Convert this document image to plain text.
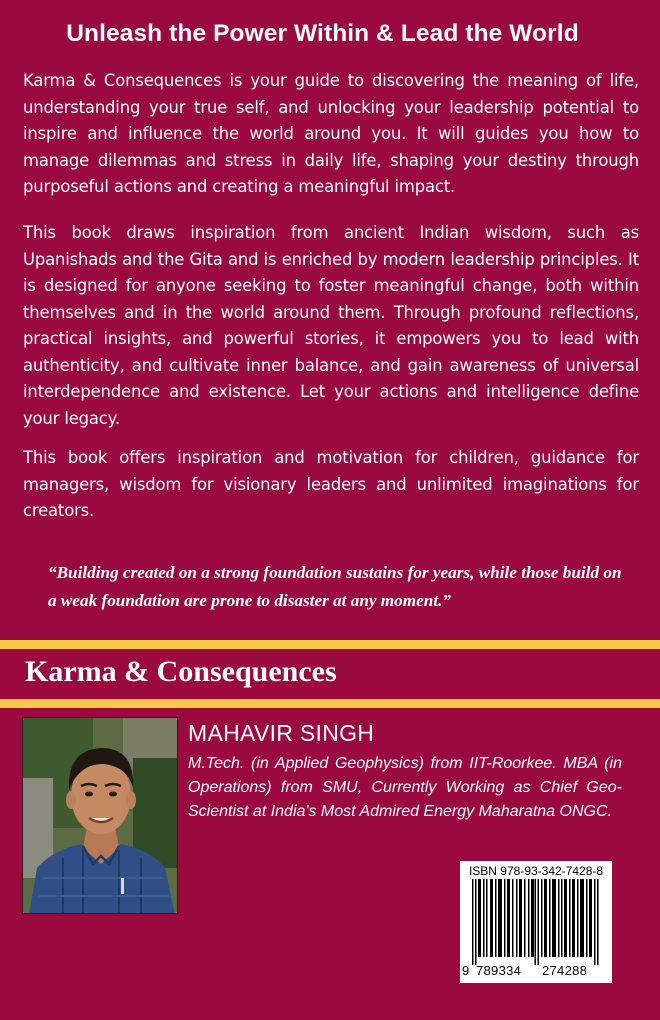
Unleash the Power Within & Lead the World

Karma & Consequences is your guide to discovering the meaning of life, understanding your true self, and unlocking your leadership potential to inspire and influence the world around you. It will guides you how to manage dilemmas and stress in daily life, shaping your destiny through purposeful actions and creating a meaningful impact.

This book draws inspiration from ancient Indian wisdom, such as Upanishads and the Gita and is enriched by modern leadership principles. It is designed for anyone seeking to foster meaningful change, both within themselves and in the world around them. Through profound reflections, practical insights, and powerful stories, it empowers you to lead with authenticity, and cultivate inner balance, and gain awareness of universal interdependence and existence. Let your actions and intelligence define your legacy.

This book offers inspiration and motivation for children, guidance for managers, wisdom for visionary leaders and unlimited imaginations for creators.

“Building created on a strong foundation sustains for years, while those build on a weak foundation are prone to disaster at any moment.”
Karma & Consequences
MAHAVIR SINGH

M.Tech. (in Applied Geophysics) from IIT-Roorkee. MBA (in Operations) from SMU, Currently Working as Chief Geo-Scientist at India's Most Admired Energy Maharatna ONGC.

ISBN 978-93-342-7428-8
9 789334 274288
